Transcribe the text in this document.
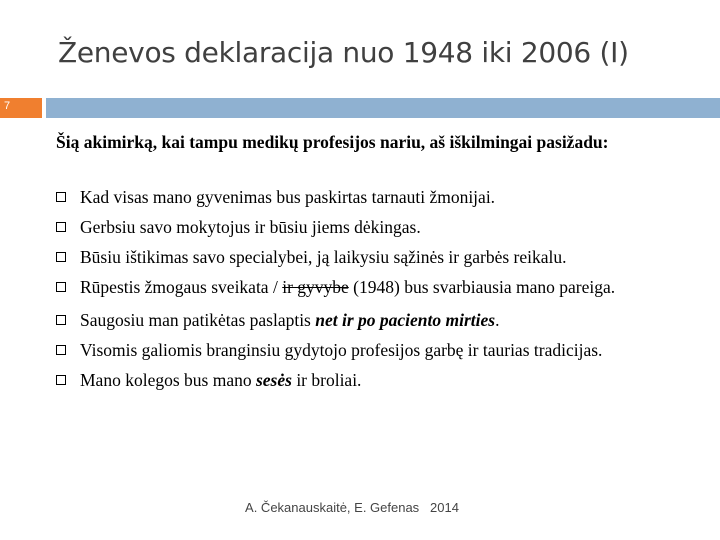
Ženevos deklaracija nuo 1948 iki 2006 (I)
7
Šią akimirką, kai tampu medikų profesijos nariu, aš iškilmingai pasižadu:
Kad visas mano gyvenimas bus paskirtas tarnauti žmonijai.
Gerbsiu savo mokytojus ir būsiu jiems dėkingas.
Būsiu ištikimas savo specialybei, ją laikysiu sąžinės ir garbės reikalu.
Rūpestis žmogaus sveikata / ir gyvybe (1948) bus svarbiausia mano pareiga.
Saugosiu man patikėtas paslaptis net ir po paciento mirties.
Visomis galiomis branginsiu gydytojo profesijos garbę ir taurias tradicijas.
Mano kolegos bus mano sesės ir broliai.
A. Čekanauskaitė, E. Gefenas   2014
